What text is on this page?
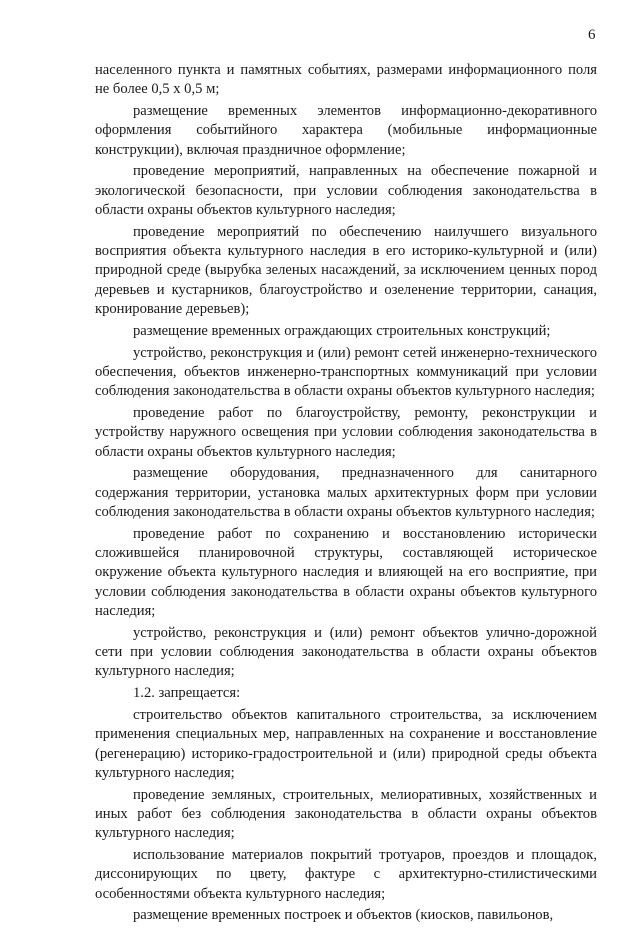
6

населенного пункта и памятных событиях, размерами информационного поля не более 0,5 х 0,5 м;

размещение временных элементов информационно-декоративного оформления событийного характера (мобильные информационные конструкции), включая праздничное оформление;

проведение мероприятий, направленных на обеспечение пожарной и экологической безопасности, при условии соблюдения законодательства в области охраны объектов культурного наследия;

проведение мероприятий по обеспечению наилучшего визуального восприятия объекта культурного наследия в его историко-культурной и (или) природной среде (вырубка зеленых насаждений, за исключением ценных пород деревьев и кустарников, благоустройство и озеленение территории, санация, кронирование деревьев);

размещение временных ограждающих строительных конструкций;

устройство, реконструкция и (или) ремонт сетей инженерно-технического обеспечения, объектов инженерно-транспортных коммуникаций при условии соблюдения законодательства в области охраны объектов культурного наследия;

проведение работ по благоустройству, ремонту, реконструкции и устройству наружного освещения при условии соблюдения законодательства в области охраны объектов культурного наследия;

размещение оборудования, предназначенного для санитарного содержания территории, установка малых архитектурных форм при условии соблюдения законодательства в области охраны объектов культурного наследия;

проведение работ по сохранению и восстановлению исторически сложившейся планировочной структуры, составляющей историческое окружение объекта культурного наследия и влияющей на его восприятие, при условии соблюдения законодательства в области охраны объектов культурного наследия;

устройство, реконструкция и (или) ремонт объектов улично-дорожной сети при условии соблюдения законодательства в области охраны объектов культурного наследия;

1.2. запрещается:

строительство объектов капитального строительства, за исключением применения специальных мер, направленных на сохранение и восстановление (регенерацию) историко-градостроительной и (или) природной среды объекта культурного наследия;

проведение земляных, строительных, мелиоративных, хозяйственных и иных работ без соблюдения законодательства в области охраны объектов культурного наследия;

использование материалов покрытий тротуаров, проездов и площадок, диссонирующих по цвету, фактуре с архитектурно-стилистическими особенностями объекта культурного наследия;

размещение временных построек и объектов (киосков, павильонов,
